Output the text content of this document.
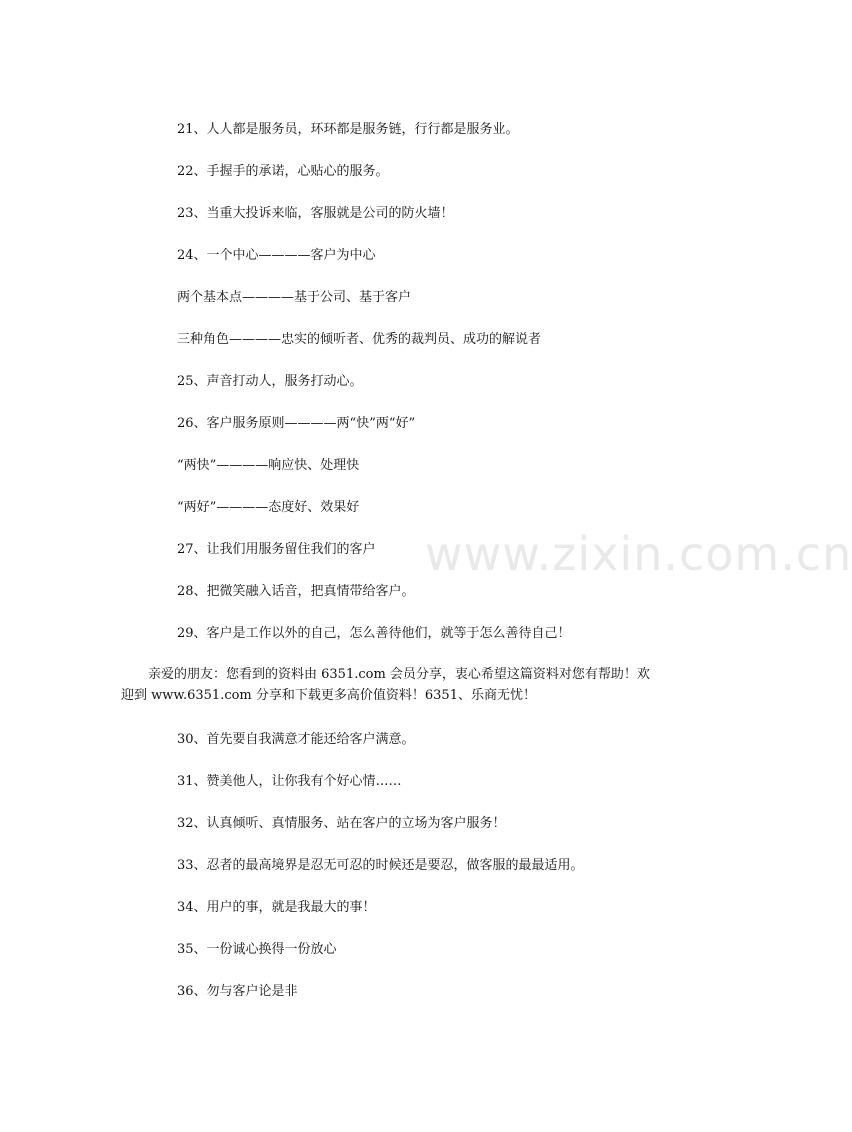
www.zixin.com.cn
21、人人都是服务员，环环都是服务链，行行都是服务业。
22、手握手的承诺，心贴心的服务。
23、当重大投诉来临，客服就是公司的防火墙！
24、一个中心————客户为中心
两个基本点————基于公司、基于客户
三种角色————忠实的倾听者、优秀的裁判员、成功的解说者
25、声音打动人，服务打动心。
26、客户服务原则————两“快”两“好”
“两快”————响应快、处理快
“两好”————态度好、效果好
27、让我们用服务留住我们的客户
28、把微笑融入话音，把真情带给客户。
29、客户是工作以外的自己，怎么善待他们，就等于怎么善待自己！
亲爱的朋友：您看到的资料由 6351.com 会员分享，衷心希望这篇资料对您有帮助！欢
迎到 www.6351.com 分享和下载更多高价值资料！6351、乐商无忧！
30、首先要自我满意才能还给客户满意。
31、赞美他人，让你我有个好心情……
32、认真倾听、真情服务、站在客户的立场为客户服务！
33、忍者的最高境界是忍无可忍的时候还是要忍，做客服的最最适用。
34、用户的事，就是我最大的事！
35、一份诚心换得一份放心
36、勿与客户论是非
